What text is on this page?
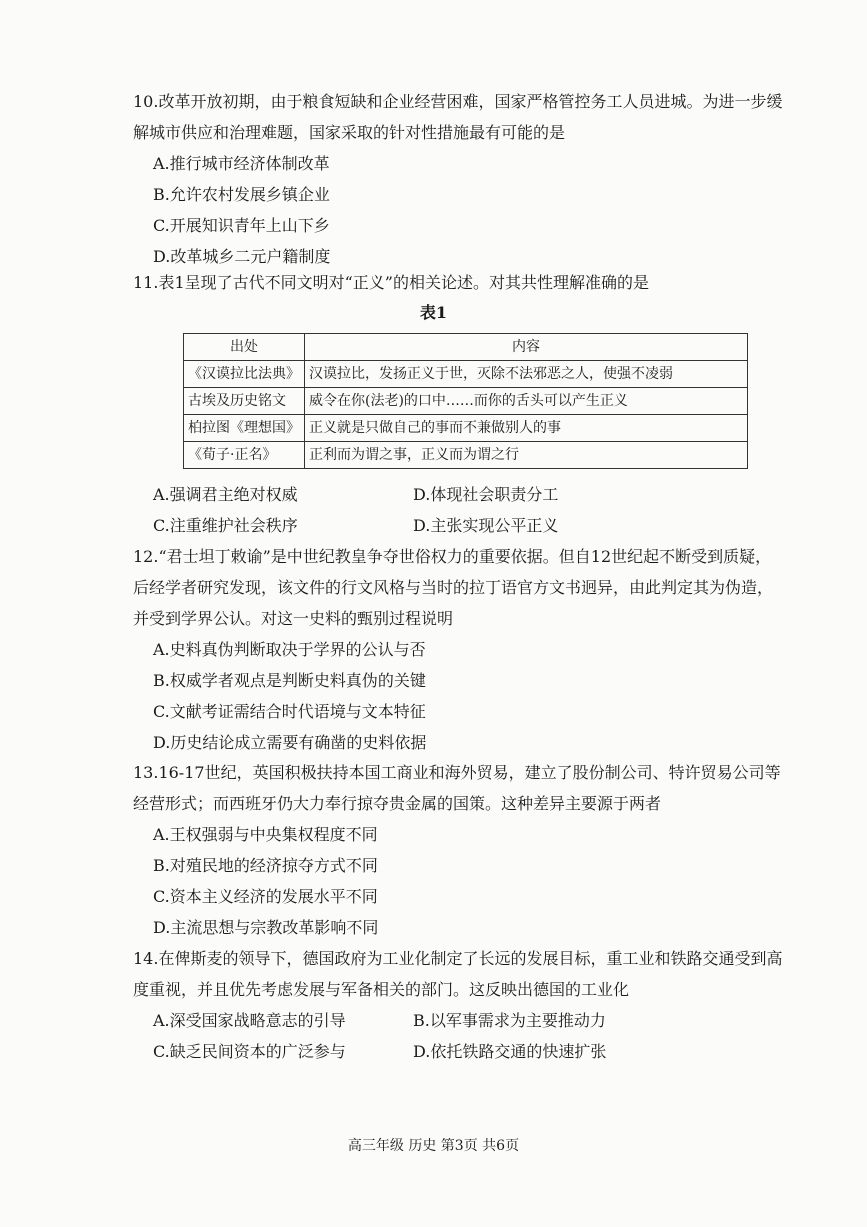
10.改革开放初期，由于粮食短缺和企业经营困难，国家严格管控务工人员进城。为进一步缓解城市供应和治理难题，国家采取的针对性措施最有可能的是
A.推行城市经济体制改革
B.允许农村发展乡镇企业
C.开展知识青年上山下乡
D.改革城乡二元户籍制度
11.表1呈现了古代不同文明对“正义”的相关论述。对其共性理解准确的是
表1
出处	内容
《汉谟拉比法典》	汉谟拉比，发扬正义于世，灭除不法邪恶之人，使强不凌弱
古埃及历史铭文	威令在你(法老)的口中……而你的舌头可以产生正义
柏拉图《理想国》	正义就是只做自己的事而不兼做别人的事
《荀子·正名》	正利而为谓之事，正义而为谓之行
A.强调君主绝对权威	D.体现社会职责分工
C.注重维护社会秩序	D.主张实现公平正义
12.“君士坦丁敕谕”是中世纪教皇争夺世俗权力的重要依据。但自12世纪起不断受到质疑，后经学者研究发现，该文件的行文风格与当时的拉丁语官方文书迥异，由此判定其为伪造，并受到学界公认。对这一史料的甄别过程说明
A.史料真伪判断取决于学界的公认与否
B.权威学者观点是判断史料真伪的关键
C.文献考证需结合时代语境与文本特征
D.历史结论成立需要有确凿的史料依据
13.16-17世纪，英国积极扶持本国工商业和海外贸易，建立了股份制公司、特许贸易公司等经营形式；而西班牙仍大力奉行掠夺贵金属的国策。这种差异主要源于两者
A.王权强弱与中央集权程度不同
B.对殖民地的经济掠夺方式不同
C.资本主义经济的发展水平不同
D.主流思想与宗教改革影响不同
14.在俾斯麦的领导下，德国政府为工业化制定了长远的发展目标，重工业和铁路交通受到高度重视，并且优先考虑发展与军备相关的部门。这反映出德国的工业化
A.深受国家战略意志的引导	B.以军事需求为主要推动力
C.缺乏民间资本的广泛参与	D.依托铁路交通的快速扩张
高三年级 历史 第3页 共6页
